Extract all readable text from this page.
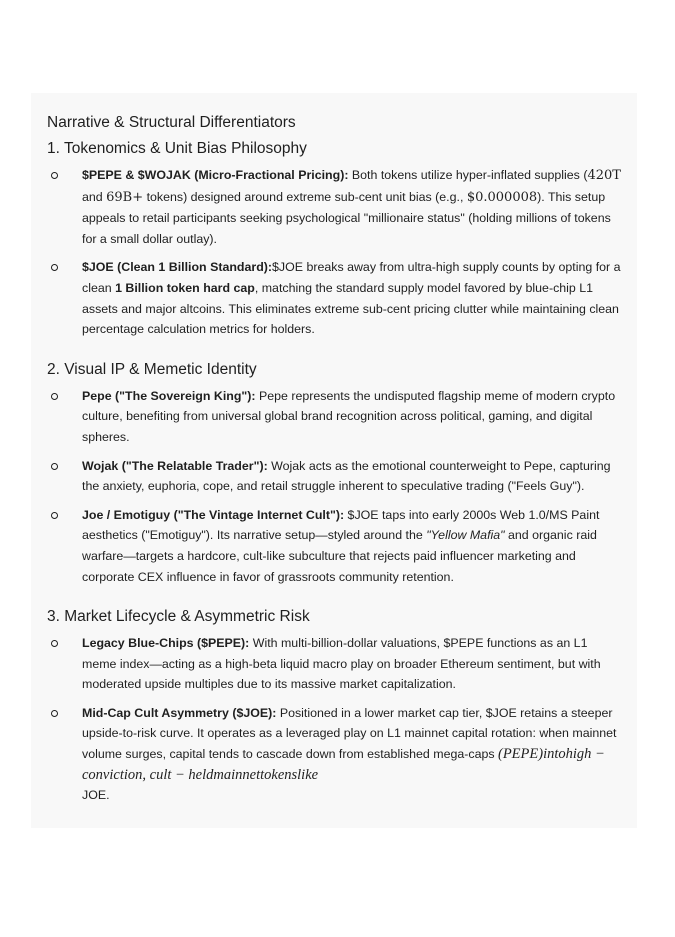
Narrative & Structural Differentiators

1. Tokenomics & Unit Bias Philosophy

$PEPE & $WOJAK (Micro-Fractional Pricing): Both tokens utilize hyper-inflated supplies (420T and 69B+ tokens) designed around extreme sub-cent unit bias (e.g., $0.000008). This setup appeals to retail participants seeking psychological "millionaire status" (holding millions of tokens for a small dollar outlay).
$JOE (Clean 1 Billion Standard):$JOE breaks away from ultra-high supply counts by opting for a clean 1 Billion token hard cap, matching the standard supply model favored by blue-chip L1 assets and major altcoins. This eliminates extreme sub-cent pricing clutter while maintaining clean percentage calculation metrics for holders.

2. Visual IP & Memetic Identity

Pepe ("The Sovereign King"): Pepe represents the undisputed flagship meme of modern crypto culture, benefiting from universal global brand recognition across political, gaming, and digital spheres.
Wojak ("The Relatable Trader"): Wojak acts as the emotional counterweight to Pepe, capturing the anxiety, euphoria, cope, and retail struggle inherent to speculative trading ("Feels Guy").
Joe / Emotiguy ("The Vintage Internet Cult"): $JOE taps into early 2000s Web 1.0/MS Paint aesthetics ("Emotiguy"). Its narrative setup—styled around the "Yellow Mafia" and organic raid warfare—targets a hardcore, cult-like subculture that rejects paid influencer marketing and corporate CEX influence in favor of grassroots community retention.

3. Market Lifecycle & Asymmetric Risk

Legacy Blue-Chips ($PEPE): With multi-billion-dollar valuations, $PEPE functions as an L1 meme index—acting as a high-beta liquid macro play on broader Ethereum sentiment, but with moderated upside multiples due to its massive market capitalization.
Mid-Cap Cult Asymmetry ($JOE): Positioned in a lower market cap tier, $JOE retains a steeper upside-to-risk curve. It operates as a leveraged play on L1 mainnet capital rotation: when mainnet volume surges, capital tends to cascade down from established mega-caps (PEPE)intohigh − conviction, cult − heldmainnettokenslike
JOE.
